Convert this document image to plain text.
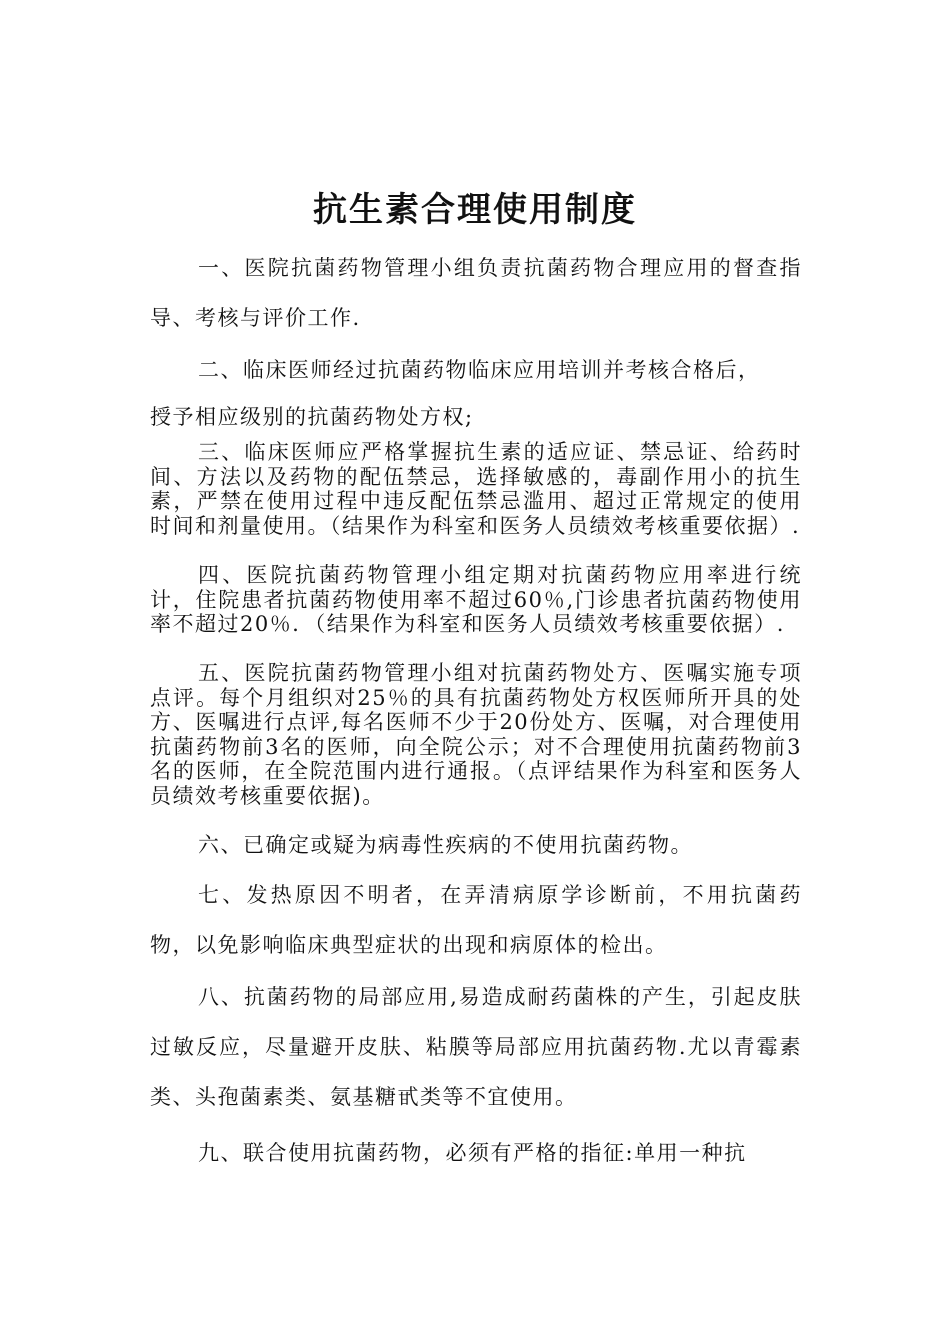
抗生素合理使用制度

一、医院抗菌药物管理小组负责抗菌药物合理应用的督查指导、考核与评价工作.

二、临床医师经过抗菌药物临床应用培训并考核合格后，

授予相应级别的抗菌药物处方权;

三、临床医师应严格掌握抗生素的适应证、禁忌证、给药时间、方法以及药物的配伍禁忌，选择敏感的，毒副作用小的抗生素，严禁在使用过程中违反配伍禁忌滥用、超过正常规定的使用时间和剂量使用。（结果作为科室和医务人员绩效考核重要依据）.

四、医院抗菌药物管理小组定期对抗菌药物应用率进行统计，住院患者抗菌药物使用率不超过60％,门诊患者抗菌药物使用率不超过20％．（结果作为科室和医务人员绩效考核重要依据）.

五、医院抗菌药物管理小组对抗菌药物处方、医嘱实施专项点评。每个月组织对25％的具有抗菌药物处方权医师所开具的处方、医嘱进行点评,每名医师不少于20份处方、医嘱，对合理使用抗菌药物前3名的医师，向全院公示；对不合理使用抗菌药物前3名的医师，在全院范围内进行通报。（点评结果作为科室和医务人员绩效考核重要依据)。

六、已确定或疑为病毒性疾病的不使用抗菌药物。

七、发热原因不明者，在弄清病原学诊断前，不用抗菌药物，以免影响临床典型症状的出现和病原体的检出。

八、抗菌药物的局部应用,易造成耐药菌株的产生，引起皮肤过敏反应，尽量避开皮肤、粘膜等局部应用抗菌药物.尤以青霉素类、头孢菌素类、氨基糖甙类等不宜使用。

九、联合使用抗菌药物，必须有严格的指征:单用一种抗
